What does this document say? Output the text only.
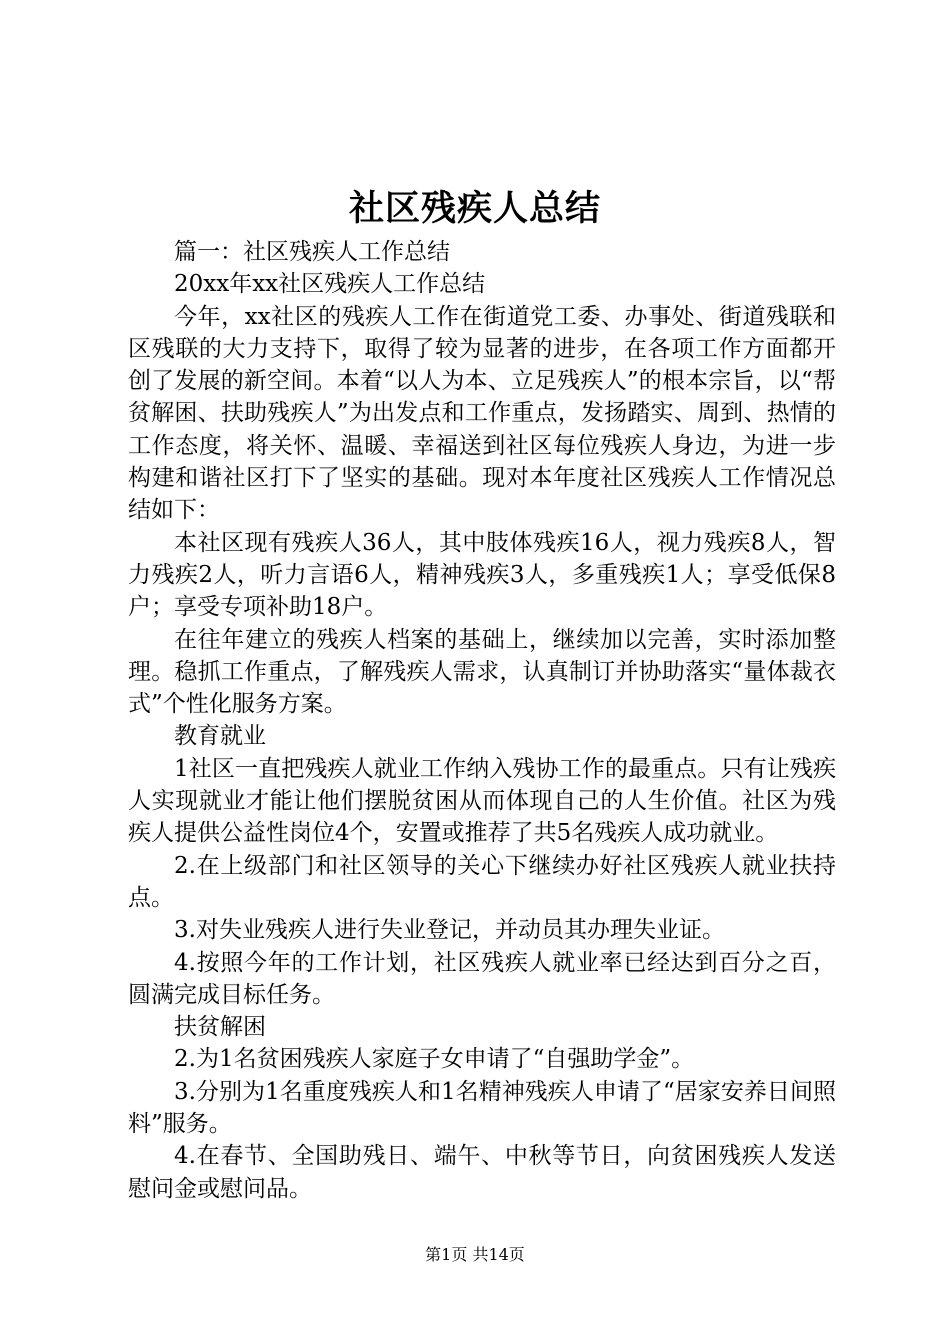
社区残疾人总结

篇一：社区残疾人工作总结

20xx年xx社区残疾人工作总结

今年，xx社区的残疾人工作在街道党工委、办事处、街道残联和区残联的大力支持下，取得了较为显著的进步，在各项工作方面都开创了发展的新空间。本着“以人为本、立足残疾人”的根本宗旨，以“帮贫解困、扶助残疾人”为出发点和工作重点，发扬踏实、周到、热情的工作态度，将关怀、温暖、幸福送到社区每位残疾人身边，为进一步构建和谐社区打下了坚实的基础。现对本年度社区残疾人工作情况总结如下：

本社区现有残疾人36人，其中肢体残疾16人，视力残疾8人，智力残疾2人，听力言语6人，精神残疾3人，多重残疾1人；享受低保8户；享受专项补助18户。

在往年建立的残疾人档案的基础上，继续加以完善，实时添加整理。稳抓工作重点，了解残疾人需求，认真制订并协助落实“量体裁衣式”个性化服务方案。

教育就业

1社区一直把残疾人就业工作纳入残协工作的最重点。只有让残疾人实现就业才能让他们摆脱贫困从而体现自己的人生价值。社区为残疾人提供公益性岗位4个，安置或推荐了共5名残疾人成功就业。

2.在上级部门和社区领导的关心下继续办好社区残疾人就业扶持点。

3.对失业残疾人进行失业登记，并动员其办理失业证。

4.按照今年的工作计划，社区残疾人就业率已经达到百分之百，圆满完成目标任务。

扶贫解困

2.为1名贫困残疾人家庭子女申请了“自强助学金”。

3.分别为1名重度残疾人和1名精神残疾人申请了“居家安养日间照料”服务。

4.在春节、全国助残日、端午、中秋等节日，向贫困残疾人发送慰问金或慰问品。

第1页 共14页
